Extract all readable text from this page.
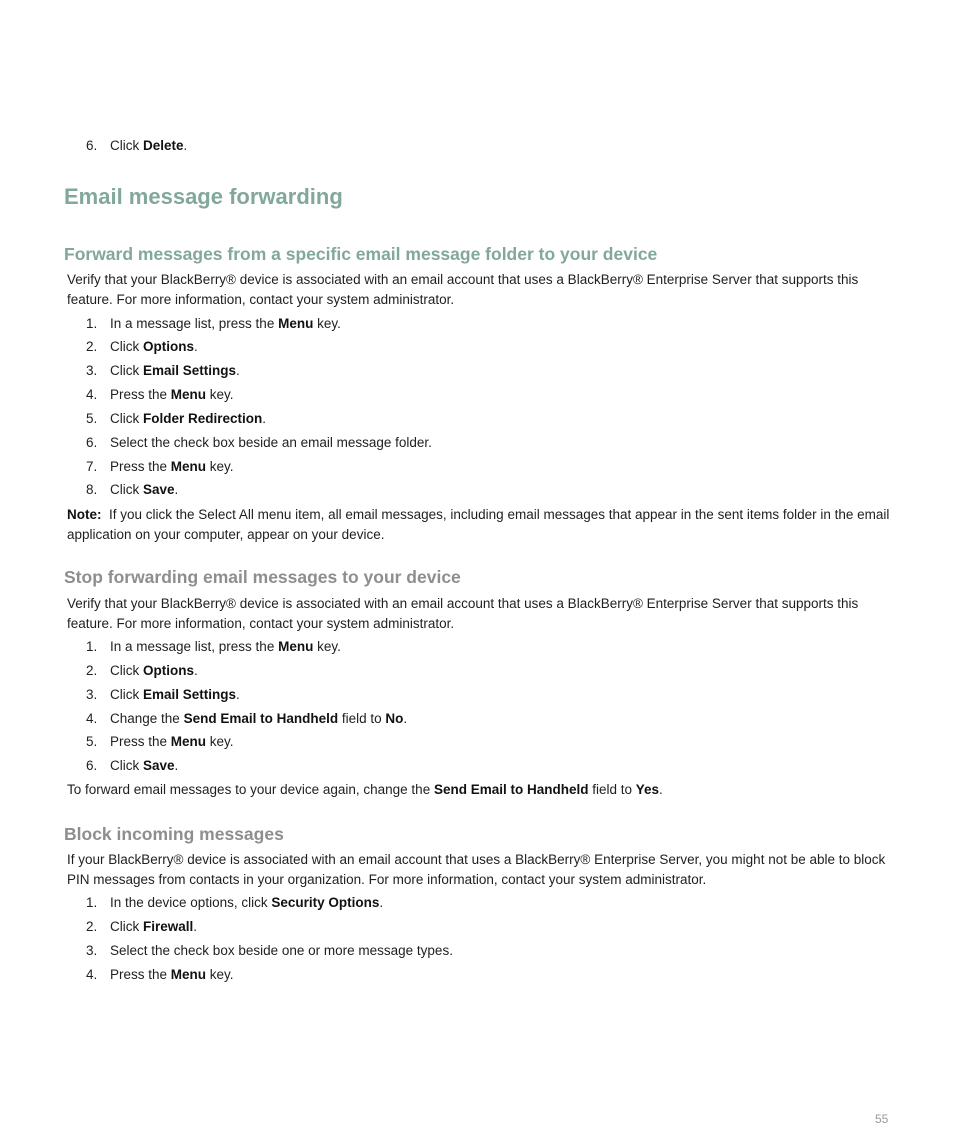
6. Click Delete.
Email message forwarding
Forward messages from a specific email message folder to your device

Verify that your BlackBerry® device is associated with an email account that uses a BlackBerry® Enterprise Server that supports this feature. For more information, contact your system administrator.

1. In a message list, press the Menu key.
2. Click Options.
3. Click Email Settings.
4. Press the Menu key.
5. Click Folder Redirection.
6. Select the check box beside an email message folder.
7. Press the Menu key.
8. Click Save.

Note: If you click the Select All menu item, all email messages, including email messages that appear in the sent items folder in the email application on your computer, appear on your device.

Stop forwarding email messages to your device

Verify that your BlackBerry® device is associated with an email account that uses a BlackBerry® Enterprise Server that supports this feature. For more information, contact your system administrator.

1. In a message list, press the Menu key.
2. Click Options.
3. Click Email Settings.
4. Change the Send Email to Handheld field to No.
5. Press the Menu key.
6. Click Save.

To forward email messages to your device again, change the Send Email to Handheld field to Yes.

Block incoming messages

If your BlackBerry® device is associated with an email account that uses a BlackBerry® Enterprise Server, you might not be able to block PIN messages from contacts in your organization. For more information, contact your system administrator.

1. In the device options, click Security Options.
2. Click Firewall.
3. Select the check box beside one or more message types.
4. Press the Menu key.
55
